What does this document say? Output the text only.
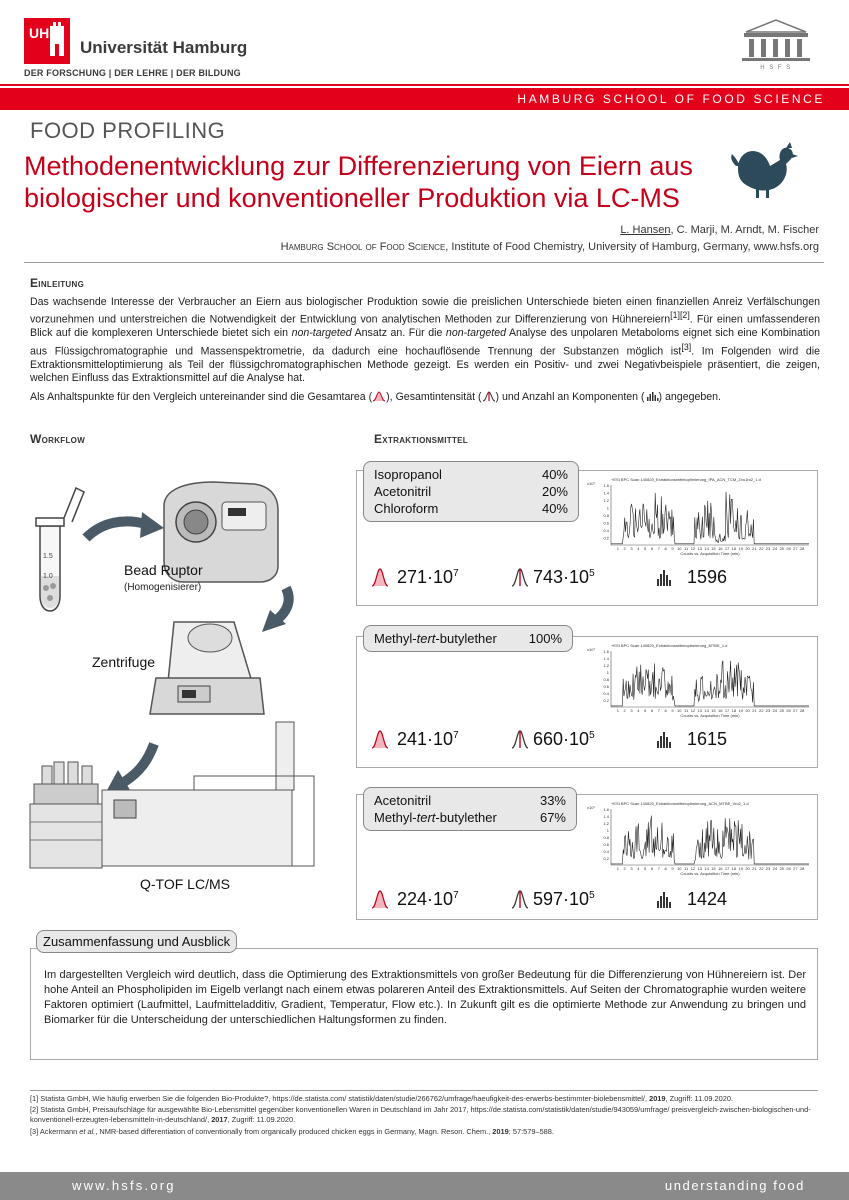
UH
Universität Hamburg
DER FORSCHUNG | DER LEHRE | DER BILDUNG	H S F S
HAMBURG SCHOOL OF FOOD SCIENCE
FOOD PROFILING
Methodenentwicklung zur Differenzierung von Eiern aus
biologischer und konventioneller Produktion via LC-MS
L. Hansen, C. Marji, M. Arndt, M. Fischer
Hamburg School of Food Science, Institute of Food Chemistry, University of Hamburg, Germany, www.hsfs.org
Einleitung

Das wachsende Interesse der Verbraucher an Eiern aus biologischer Produktion sowie die preislichen Unterschiede bieten einen finanziellen Anreiz Verfälschungen vorzunehmen und unterstreichen die Notwendigkeit der Entwicklung von analytischen Methoden zur Differenzierung von Hühnereiern[1][2]. Für einen umfassenderen Blick auf die komplexeren Unterschiede bietet sich ein non-targeted Ansatz an. Für die non-targeted Analyse des unpolaren Metaboloms eignet sich eine Kombination aus Flüssigchromatographie und Massenspektrometrie, da dadurch eine hochauflösende Trennung der Substanzen möglich ist[3]. Im Folgenden wird die Extraktionsmitteloptimierung als Teil der flüssigchromatographischen Methode gezeigt. Es werden ein Positiv- und zwei Negativbeispiele präsentiert, die zeigen, welchen Einfluss das Extraktionsmittel auf die Analyse hat.

Als Anhaltspunkte für den Vergleich untereinander sind die Gesamtarea ( ), Gesamtintensität ( ) und Anzahl an Komponenten ( ) angegeben.

Workflow
1.5
1.0	Bead Ruptor
(Homogenisierer)
Zentrifuge
Q-TOF LC/MS
Extraktionsmittel
Isopropanol	40%
Acetonitril	20%
Chloroform	40%
+ESI BPC Scan 140820_Extraktionsmitteloptimierung_IPA_ACN_TCM_Zvo1ro2_1.d
x10⁷ 1.6
1.4
1.2
1
0.8
0.6
0.4
0.2
1 2 3 4 5 6 7 8 9 10 11 12 13 14 15 16 17 18 19 20 21 22 23 24 25 26 27 28
Counts vs. Acquisition Time (min)
$271\cdot 10^7$	$743\cdot 10^5$	1596
Methyl-tert-butylether 100%	+ESI BPC Scan 140820_Extraktionsmitteloptimierung_MTBE_1.d
x10⁷ 1.6
1.4
1.2
1
0.8
0.6
0.4
0.2
1 2 3 4 5 6 7 8 9 10 11 12 13 14 15 16 17 18 19 20 21 22 23 24 25 26 27 28
Counts vs. Acquisition Time (min)
$241\cdot 10^7$	$660\cdot 10^5$	1615
Acetonitril	33%
Methyl-tert-butylether	67%
+ESI BPC Scan 140820_Extraktionsmitteloptimierung_ACN_MTBE_Vro2_1.d
x10⁷ 1.6
1.4
1.2
1
0.8
0.6
0.4
0.2
1 2 3 4 5 6 7 8 9 10 11 12 13 14 15 16 17 18 19 20 21 22 23 24 25 26 27 28
Counts vs. Acquisition Time (min)
$224\cdot 10^7$	$597\cdot 10^5$	1424
Zusammenfassung und Ausblick
Im dargestellten Vergleich wird deutlich, dass die Optimierung des Extraktionsmittels von großer Bedeutung für die Differenzierung von Hühnereiern ist. Der hohe Anteil an Phospholipiden im Eigelb verlangt nach einem etwas polareren Anteil des Extraktionsmittels. Auf Seiten der Chromatographie wurden weitere Faktoren optimiert (Laufmittel, Laufmitteladditiv, Gradient, Temperatur, Flow etc.). In Zukunft gilt es die optimierte Methode zur Anwendung zu bringen und Biomarker für die Unterscheidung der unterschiedlichen Haltungsformen zu finden.

[1] Statista GmbH, Wie häufig erwerben Sie die folgenden Bio-Produkte?, https://de.statista.com/ statistik/daten/studie/266762/umfrage/haeufigkeit-des-erwerbs-bestimmter-biolebensmittel/, 2019, Zugriff: 11.09.2020.

[2] Statista GmbH, Preisaufschläge für ausgewählte Bio-Lebensmittel gegenüber konventionellen Waren in Deutschland im Jahr 2017, https://de.statista.com/statistik/daten/studie/943059/umfrage/ preisvergleich-zwischen-biologischen-und-konventionell-erzeugten-lebensmitteln-in-deutschland/, 2017, Zugriff: 11.09.2020.

[3] Ackermann et al., NMR-based differentiation of conventionally from organically produced chicken eggs in Germany, Magn. Reson. Chem., 2019; 57:579–588.

www.hsfs.org	understanding food
